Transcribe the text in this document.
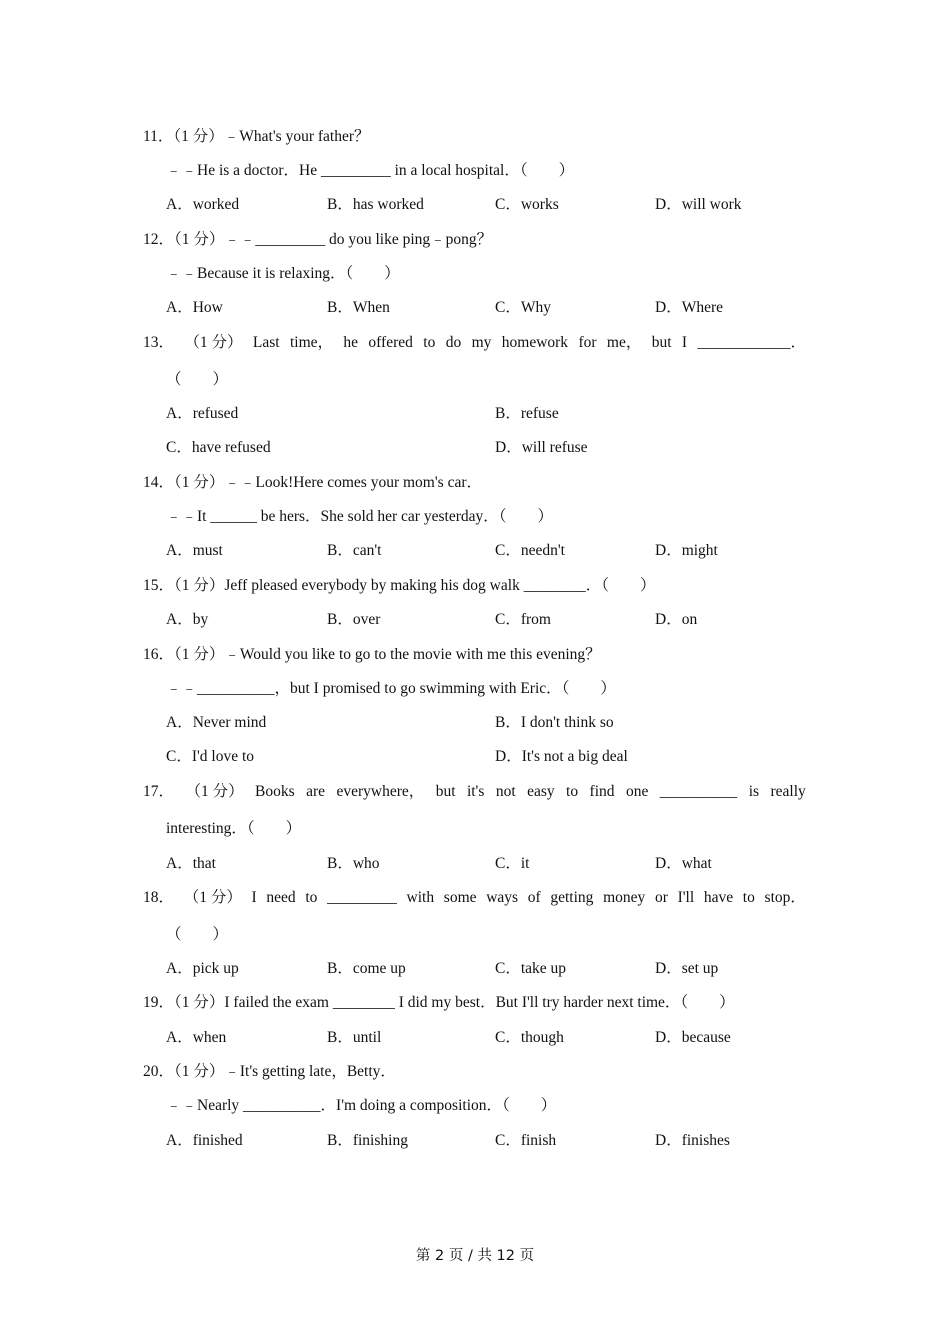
11．（1 分）﹣What's your father？
﹣﹣He is a doctor．He _________ in a local hospital．（　　）
A．worked	B．has worked	C．works	D．will work
12．（1 分）﹣﹣_________ do you like ping﹣pong？
﹣﹣Because it is relaxing．（　　）
A．How	B．When	C．Why	D．Where
13． （1 分） Last time， he offered to do my homework for me， but I ____________．
（　　）
A．refused	B．refuse
C．have refused	D．will refuse
14．（1 分）﹣﹣Look!Here comes your mom's car．
﹣﹣It ______ be hers．She sold her car yesterday．（　　）
A．must	B．can't	C．needn't	D．might
15．（1 分）Jeff pleased everybody by making his dog walk ________．（　　）
A．by	B．over	C．from	D．on
16．（1 分）﹣Would you like to go to the movie with me this evening？
﹣﹣__________，but I promised to go swimming with Eric．（　　）
A．Never mind	B．I don't think so
C．I'd love to	D．It's not a big deal
17． （1 分） Books are everywhere， but it's not easy to find one __________ is really
interesting．（　　）
A．that	B．who	C．it	D．what
18． （1 分） I need to _________ with some ways of getting money or I'll have to stop．
（　　）
A．pick up	B．come up	C．take up	D．set up
19．（1 分）I failed the exam ________ I did my best．But I'll try harder next time．（　　）
A．when	B．until	C．though	D．because
20．（1 分）﹣It's getting late，Betty．
﹣﹣Nearly __________．I'm doing a composition．（　　）
A．finished	B．finishing	C．finish	D．finishes
第 2 页 / 共 12 页
